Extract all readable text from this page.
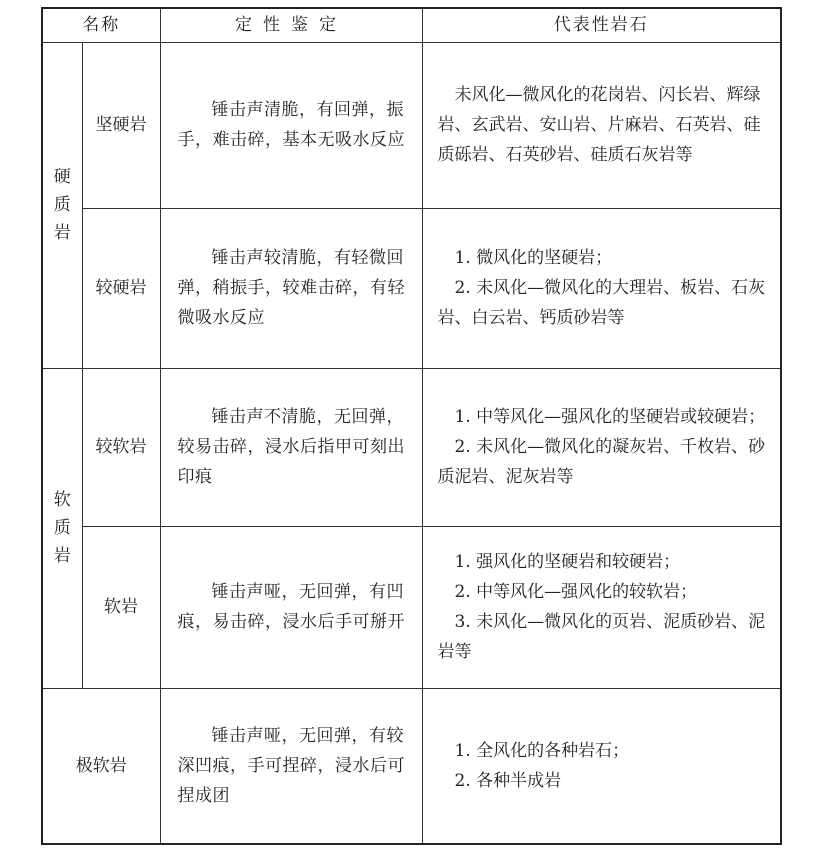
名称		定性鉴定	代表性岩石
硬质岩	坚硬岩	锤击声清脆，有回弹，振手，难击碎，基本无吸水反应	未风化—微风化的花岗岩、闪长岩、辉绿岩、玄武岩、安山岩、片麻岩、石英岩、硅质砾岩、石英砂岩、硅质石灰岩等

	较硬岩	锤击声较清脆，有轻微回弹，稍振手，较难击碎，有轻微吸水反应	1. 微风化的坚硬岩；

2. 未风化—微风化的大理岩、板岩、石灰岩、白云岩、钙质砂岩等

软质岩	较软岩	锤击声不清脆，无回弹，较易击碎，浸水后指甲可刻出印痕	1. 中等风化—强风化的坚硬岩或较硬岩；

2. 未风化—微风化的凝灰岩、千枚岩、砂质泥岩、泥灰岩等

	软岩	锤击声哑，无回弹，有凹痕，易击碎，浸水后手可掰开	1. 强风化的坚硬岩和较硬岩；

2. 中等风化—强风化的较软岩；

3. 未风化—微风化的页岩、泥质砂岩、泥岩等

极软岩		锤击声哑，无回弹，有较深凹痕，手可捏碎，浸水后可捏成团	1. 全风化的各种岩石；

2. 各种半成岩
